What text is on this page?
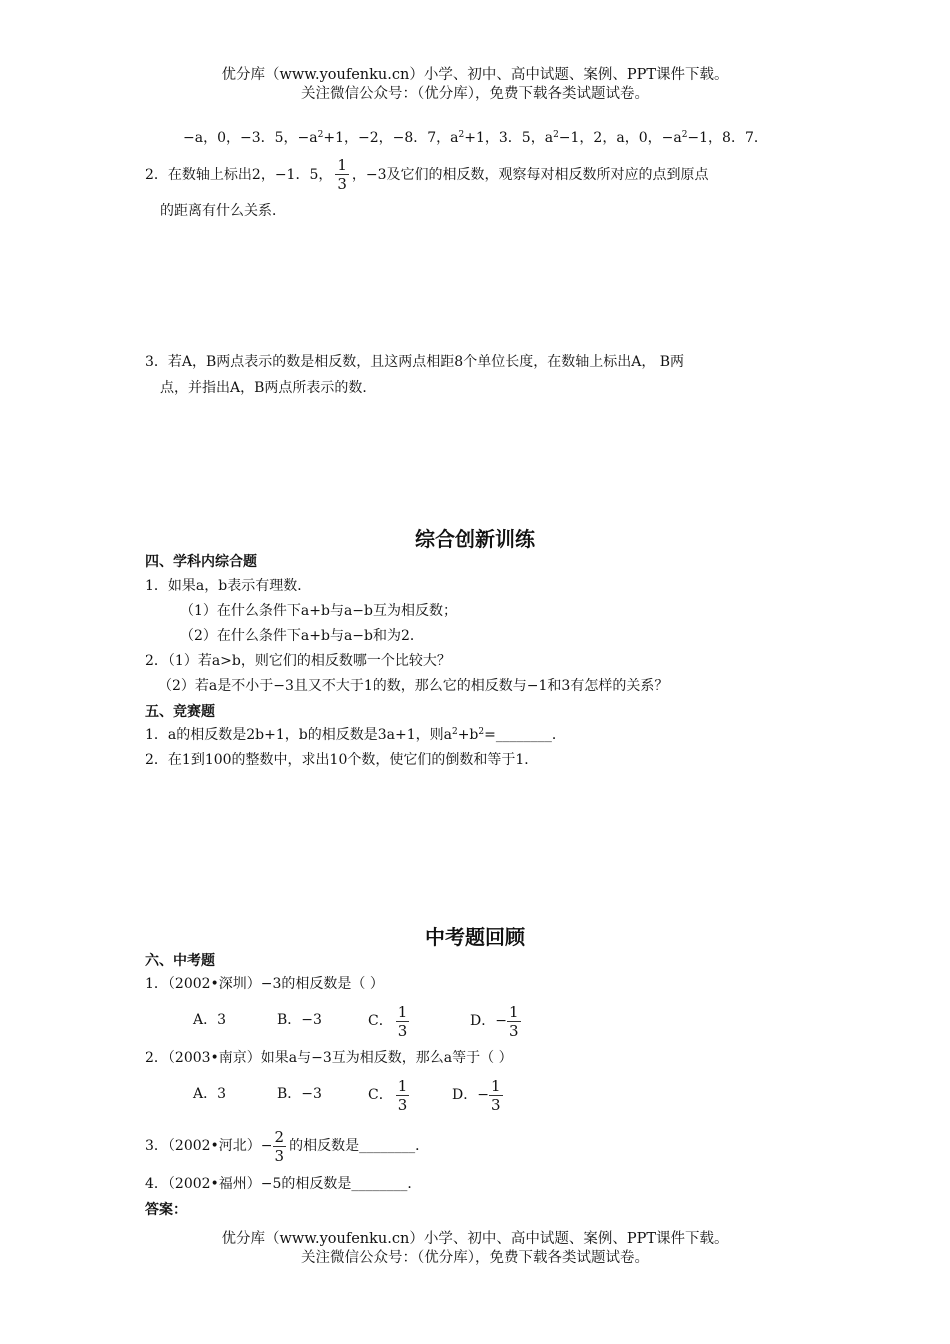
优分库（www.youfenku.cn）小学、初中、高中试题、案例、PPT课件下载。
关注微信公众号：（优分库），免费下载各类试题试卷。
−a，0，−3．5，$-a^2+1$，−2，−8．7，$a^2+1$，3．5，$a^2-1$，2，a，0，$-a^2-1$，8．7．
2．在数轴上标出2，−1．5， $\frac{1}{3}$ ，−3及它们的相反数，观察每对相反数所对应的点到原点
的距离有什么关系．
3．若A，B两点表示的数是相反数，且这两点相距8个单位长度，在数轴上标出A， B两
点，并指出A，B两点所表示的数．
综合创新训练
四、学科内综合题
1．如果a，b表示有理数．
（1）在什么条件下a+b与a−b互为相反数；
（2）在什么条件下a+b与a−b和为2．
2．（1）若a>b，则它们的相反数哪一个比较大？
（2）若a是不小于−3且又不大于1的数，那么它的相反数与−1和3有怎样的关系？
五、竞赛题
1．a的相反数是2b+1，b的相反数是3a+1，则$a^2+b^2=\_\_\_\_\_\_\_\_$．
2．在1到100的整数中，求出10个数，使它们的倒数和等于1．
中考题回顾
六、中考题
1．（2002•深圳）−3的相反数是（ ）
A．3	B．−3	C． $\frac{1}{3}$	D．− $\frac{1}{3}$
2．（2003•南京）如果a与−3互为相反数，那么a等于（ ）
A．3	B．−3	C． $\frac{1}{3}$	D．− $\frac{1}{3}$
3．（2002•河北）− $\frac{2}{3}$ 的相反数是________．
4．（2002•福州）−5的相反数是________．
答案：
优分库（www.youfenku.cn）小学、初中、高中试题、案例、PPT课件下载。
关注微信公众号：（优分库），免费下载各类试题试卷。
